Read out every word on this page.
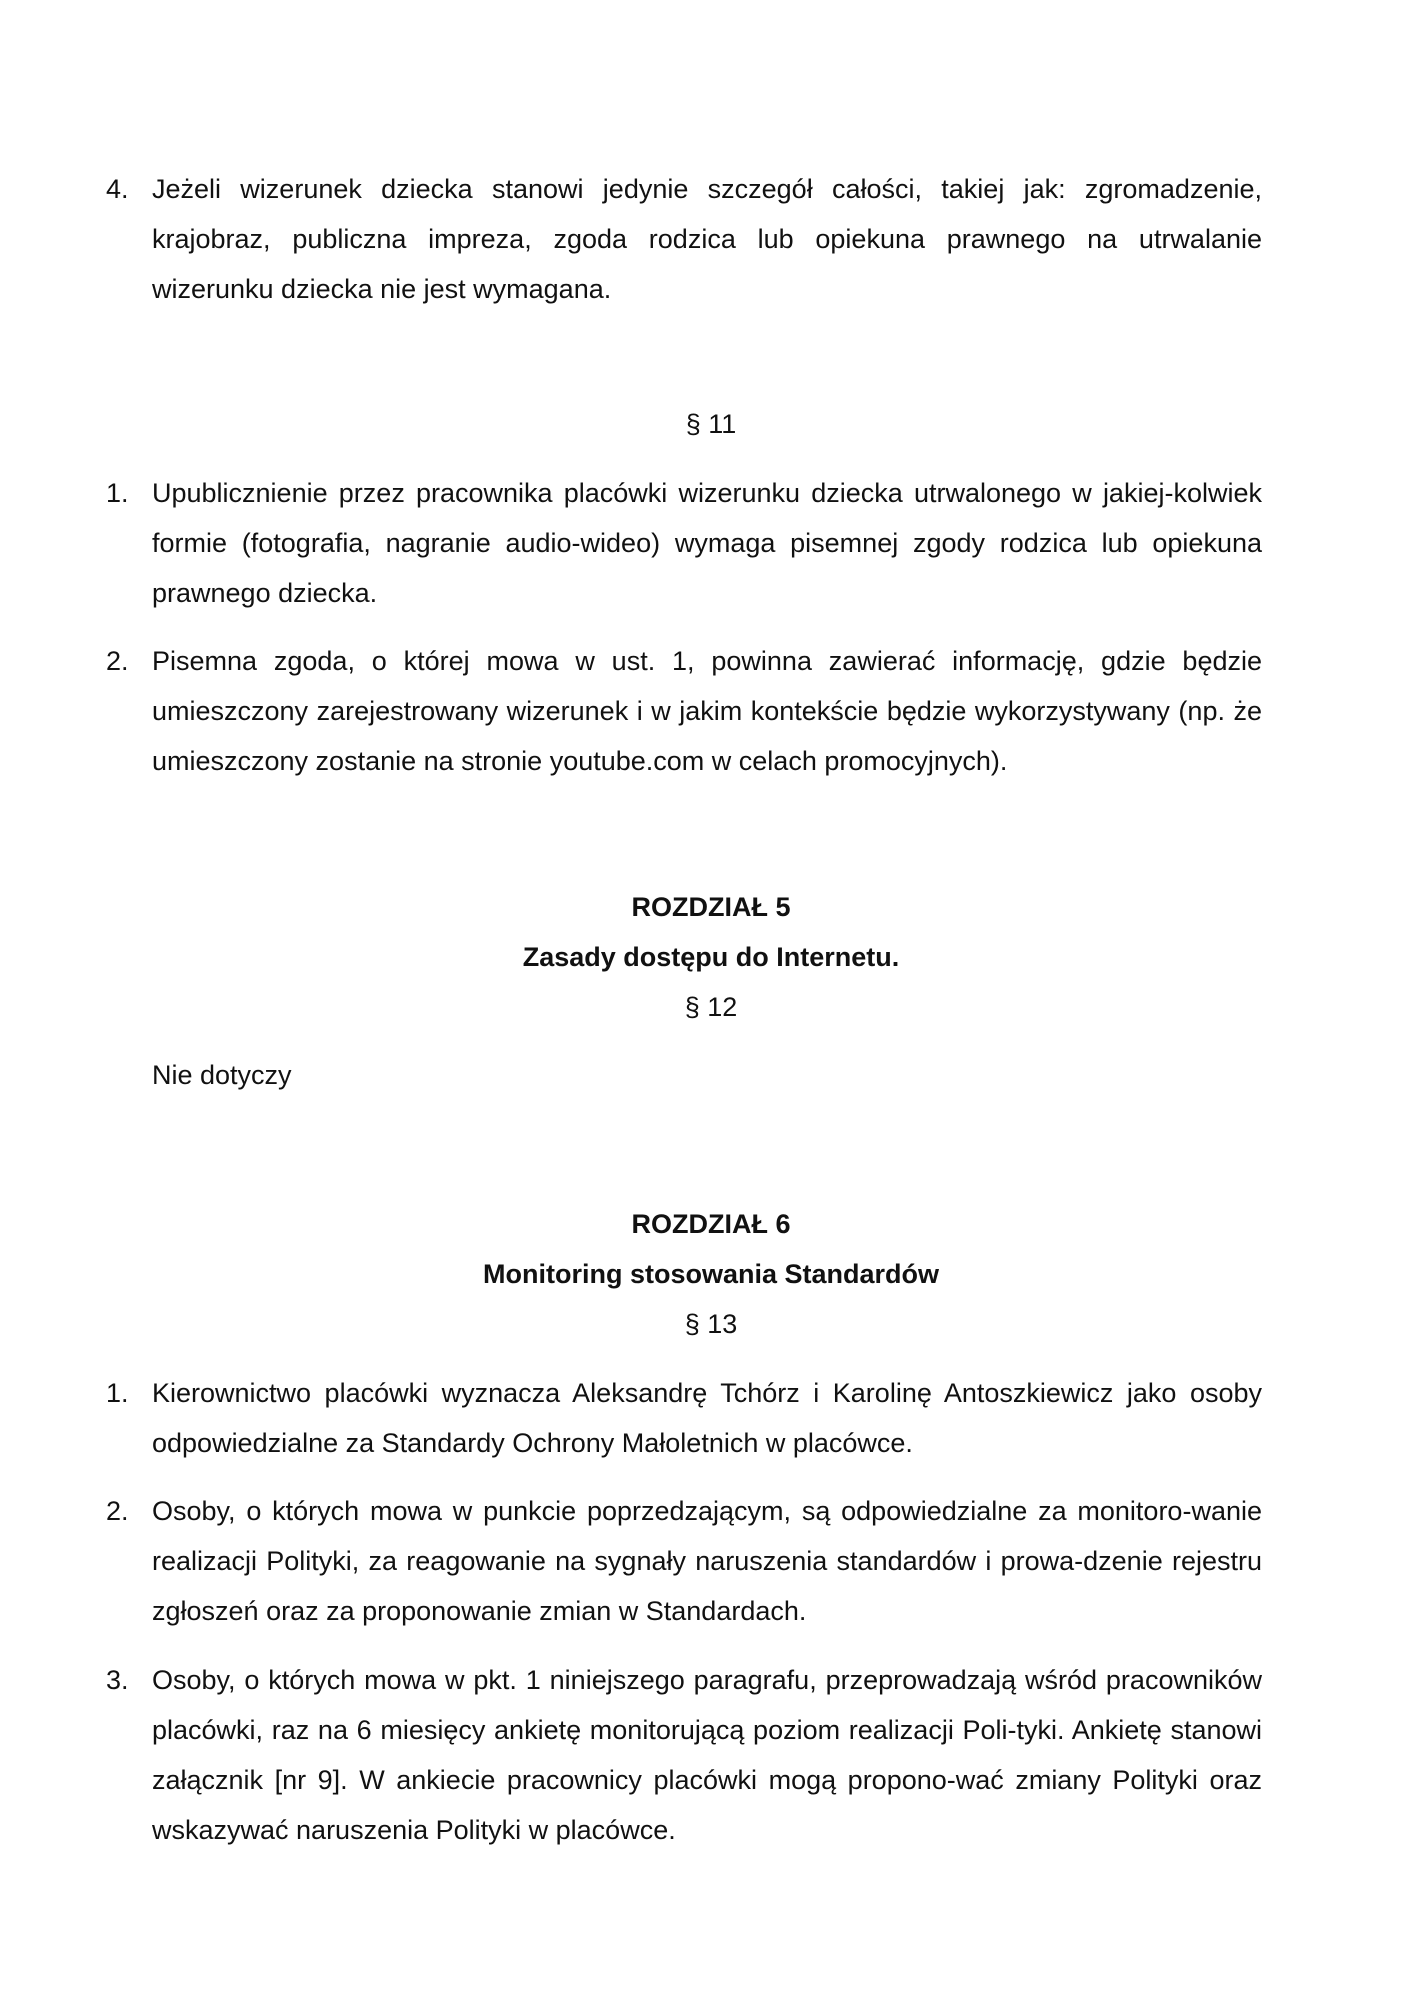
4. Jeżeli wizerunek dziecka stanowi jedynie szczegół całości, takiej jak: zgromadzenie, krajobraz, publiczna impreza, zgoda rodzica lub opiekuna prawnego na utrwalanie wizerunku dziecka nie jest wymagana.
§ 11
1. Upublicznienie przez pracownika placówki wizerunku dziecka utrwalonego w jakiej-kolwiek formie (fotografia, nagranie audio-wideo) wymaga pisemnej zgody rodzica lub opiekuna prawnego dziecka.
2. Pisemna zgoda, o której mowa w ust. 1, powinna zawierać informację, gdzie będzie umieszczony zarejestrowany wizerunek i w jakim kontekście będzie wykorzystywany (np. że umieszczony zostanie na stronie youtube.com w celach promocyjnych).
ROZDZIAŁ 5
Zasady dostępu do Internetu.
§ 12
Nie dotyczy
ROZDZIAŁ 6
Monitoring stosowania Standardów
§ 13
1. Kierownictwo placówki wyznacza Aleksandrę Tchórz i Karolinę Antoszkiewicz jako osoby odpowiedzialne za Standardy Ochrony Małoletnich w placówce.
2. Osoby, o których mowa w punkcie poprzedzającym, są odpowiedzialne za monitoro-wanie realizacji Polityki, za reagowanie na sygnały naruszenia standardów i prowa-dzenie rejestru zgłoszeń oraz za proponowanie zmian w Standardach.
3. Osoby, o których mowa w pkt. 1 niniejszego paragrafu, przeprowadzają wśród pracowników placówki, raz na 6 miesięcy ankietę monitorującą poziom realizacji Poli-tyki. Ankietę stanowi załącznik [nr 9]. W ankiecie pracownicy placówki mogą propono-wać zmiany Polityki oraz wskazywać naruszenia Polityki w placówce.
